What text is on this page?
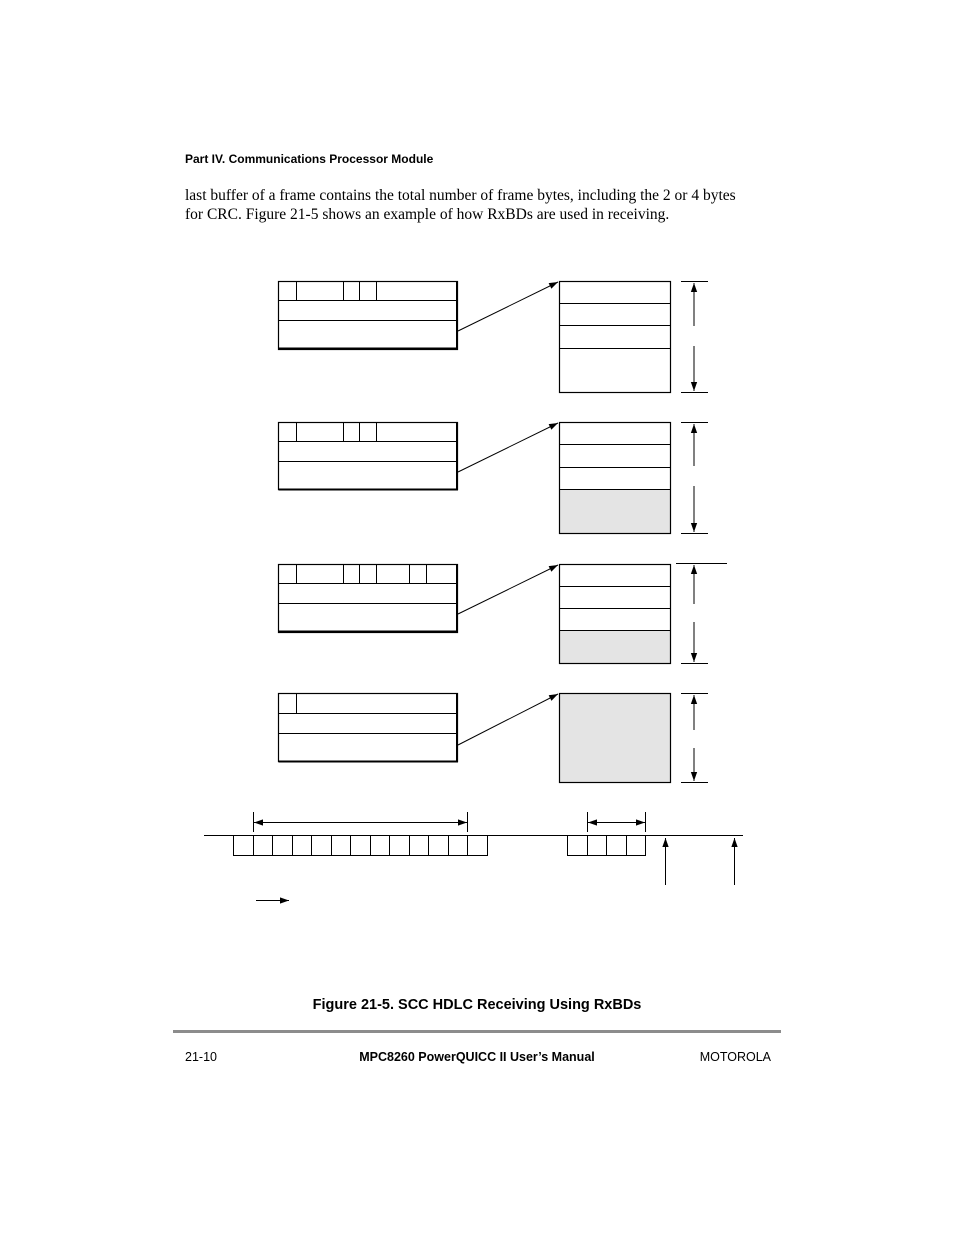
Part IV. Communications Processor Module
last buffer of a frame contains the total number of frame bytes, including the 2 or 4 bytes
for CRC. Figure 21-5 shows an example of how RxBDs are used in receiving.
Figure 21-5. SCC HDLC Receiving Using RxBDs
21-10	MPC8260 PowerQUICC II User’s Manual	MOTOROLA
